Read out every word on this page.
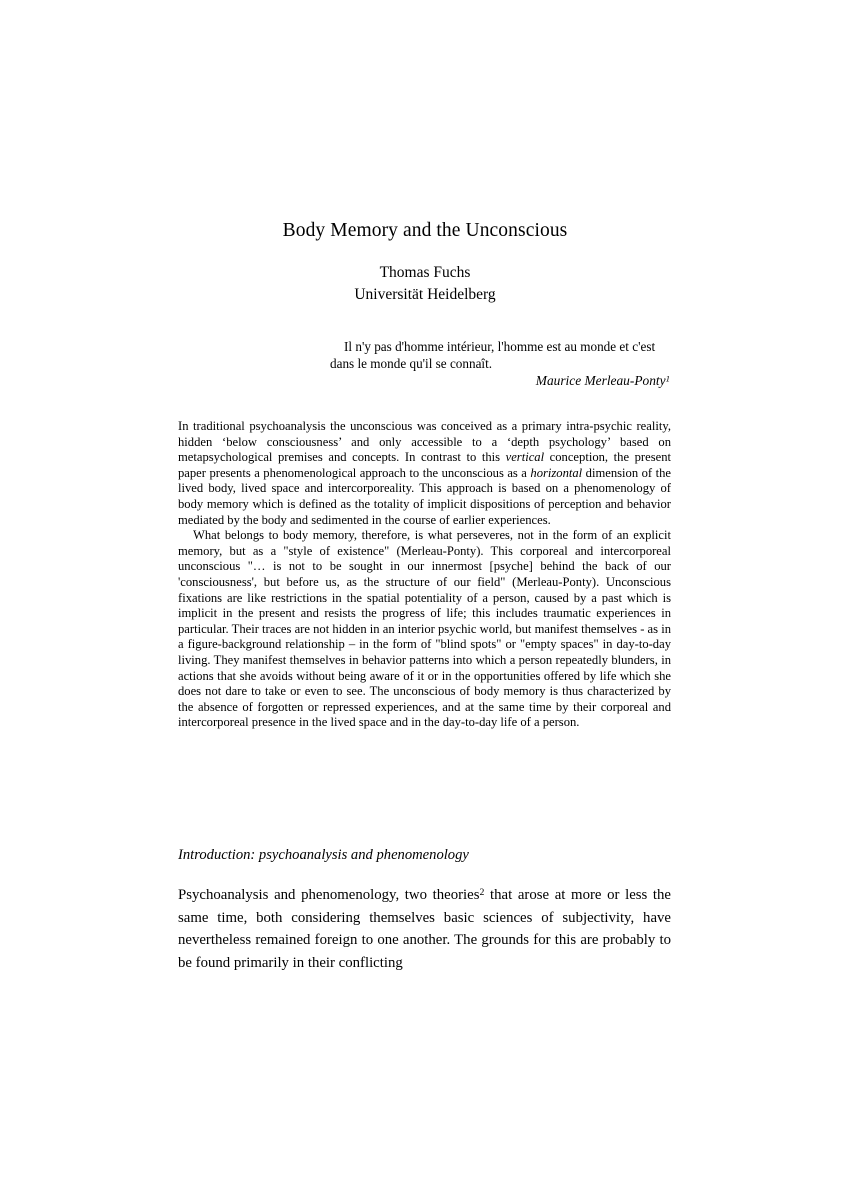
Body Memory and the Unconscious
Thomas Fuchs
Universität Heidelberg

Il n'y pas d'homme intérieur, l'homme est au monde et c'est dans le monde qu'il se connaît.

Maurice Merleau-Ponty$^1$

In traditional psychoanalysis the unconscious was conceived as a primary intra-psychic reality, hidden ‘below consciousness’ and only accessible to a ‘depth psychology’ based on metapsychological premises and concepts. In contrast to this vertical conception, the present paper presents a phenomenological approach to the unconscious as a horizontal dimension of the lived body, lived space and intercorporeality. This approach is based on a phenomenology of body memory which is defined as the totality of implicit dispositions of perception and behavior mediated by the body and sedimented in the course of earlier experiences.

What belongs to body memory, therefore, is what perseveres, not in the form of an explicit memory, but as a "style of existence" (Merleau-Ponty). This corporeal and intercorporeal unconscious "… is not to be sought in our innermost [psyche] behind the back of our 'consciousness', but before us, as the structure of our field" (Merleau-Ponty). Unconscious fixations are like restrictions in the spatial potentiality of a person, caused by a past which is implicit in the present and resists the progress of life; this includes traumatic experiences in particular. Their traces are not hidden in an interior psychic world, but manifest themselves - as in a figure-background relationship – in the form of "blind spots" or "empty spaces" in day-to-day living. They manifest themselves in behavior patterns into which a person repeatedly blunders, in actions that she avoids without being aware of it or in the opportunities offered by life which she does not dare to take or even to see. The unconscious of body memory is thus characterized by the absence of forgotten or repressed experiences, and at the same time by their corporeal and intercorporeal presence in the lived space and in the day-to-day life of a person.

Introduction: psychoanalysis and phenomenology

Psychoanalysis and phenomenology, two theories$^2$ that arose at more or less the same time, both considering themselves basic sciences of subjectivity, have nevertheless remained foreign to one another. The grounds for this are probably to be found primarily in their conflicting
